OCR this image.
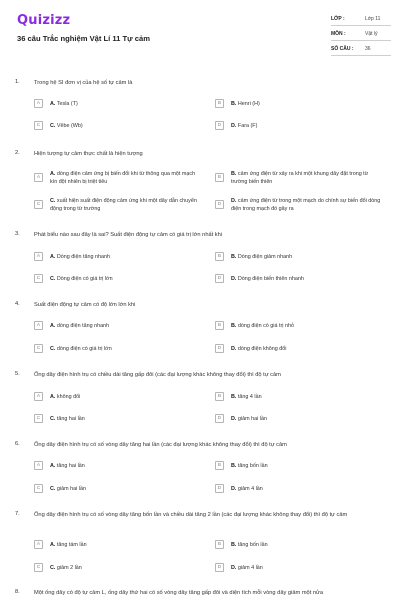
Quizizz
36 câu Trắc nghiệm Vật Lí 11 Tự cảm
LỚP :	Lớp 11
MÔN :	Vật lý
SỐ CÂU : 36
1.	Trong hệ SI đơn vị của hệ số tự cảm là
A	A. Tesla (T)	B	B. Henri (H)
C	C. Vêbe (Wb)	D	D. Fara (F)
2.	Hiện tượng tự cảm thực chất là hiện tượng
A
A. dòng điện cảm ứng bị biến đổi khi từ thông qua một mạch kín đột nhiên bị triệt tiêu
B
B. cảm ứng điện từ xảy ra khi một khung dây đặt trong từ trường biến thiên
C
C. xuất hiện suất điện động cảm ứng khi một dây dẫn chuyển động trong từ trường
D
D. cảm ứng điện từ trong một mạch do chính sự biến đổi dòng điện trong mạch đó gây ra
3.	Phát biểu nào sau đây là sai? Suất điện động tự cảm có giá trị lớn nhất khi
A	A. Dòng điện tăng nhanh	B	B. Dòng điện giảm nhanh
C	C. Dòng điện có giá trị lớn	D	D. Dòng điện biến thiên nhanh
4.	Suất điện động tự cảm có độ lớn lớn khi
A	A. dòng điện tăng nhanh	B	B. dòng điện có giá trị nhỏ
C	C. dòng điện có giá trị lớn	D	D. dòng điện không đổi
5.	Ống dây điện hình trụ có chiều dài tăng gấp đôi (các đại lượng khác không thay đổi) thì độ tự cảm
A	A. không đổi	B	B. tăng 4 lần
C	C. tăng hai lần	D	D. giảm hai lần
6.	Ống dây điện hình trụ có số vòng dây tăng hai lần (các đại lượng khác không thay đổi) thì độ tự cảm
A	A. tăng hai lần	B	B. tăng bốn lần
C	C. giảm hai lần	D	D. giảm 4 lần
7.	Ống dây điện hình trụ có số vòng dây tăng bốn lần và chiều dài tăng 2 lần (các đại lượng khác không thay đổi) thì độ tự cảm
A	A. tăng tám lần	B	B. tăng bốn lần
C	C. giảm 2 lần	D	D. giảm 4 lần
8.	Một ống dây có độ tự cảm L, ống dây thứ hai có số vòng dây tăng gấp đôi và diện tích mỗi vòng dây giảm một nửa
